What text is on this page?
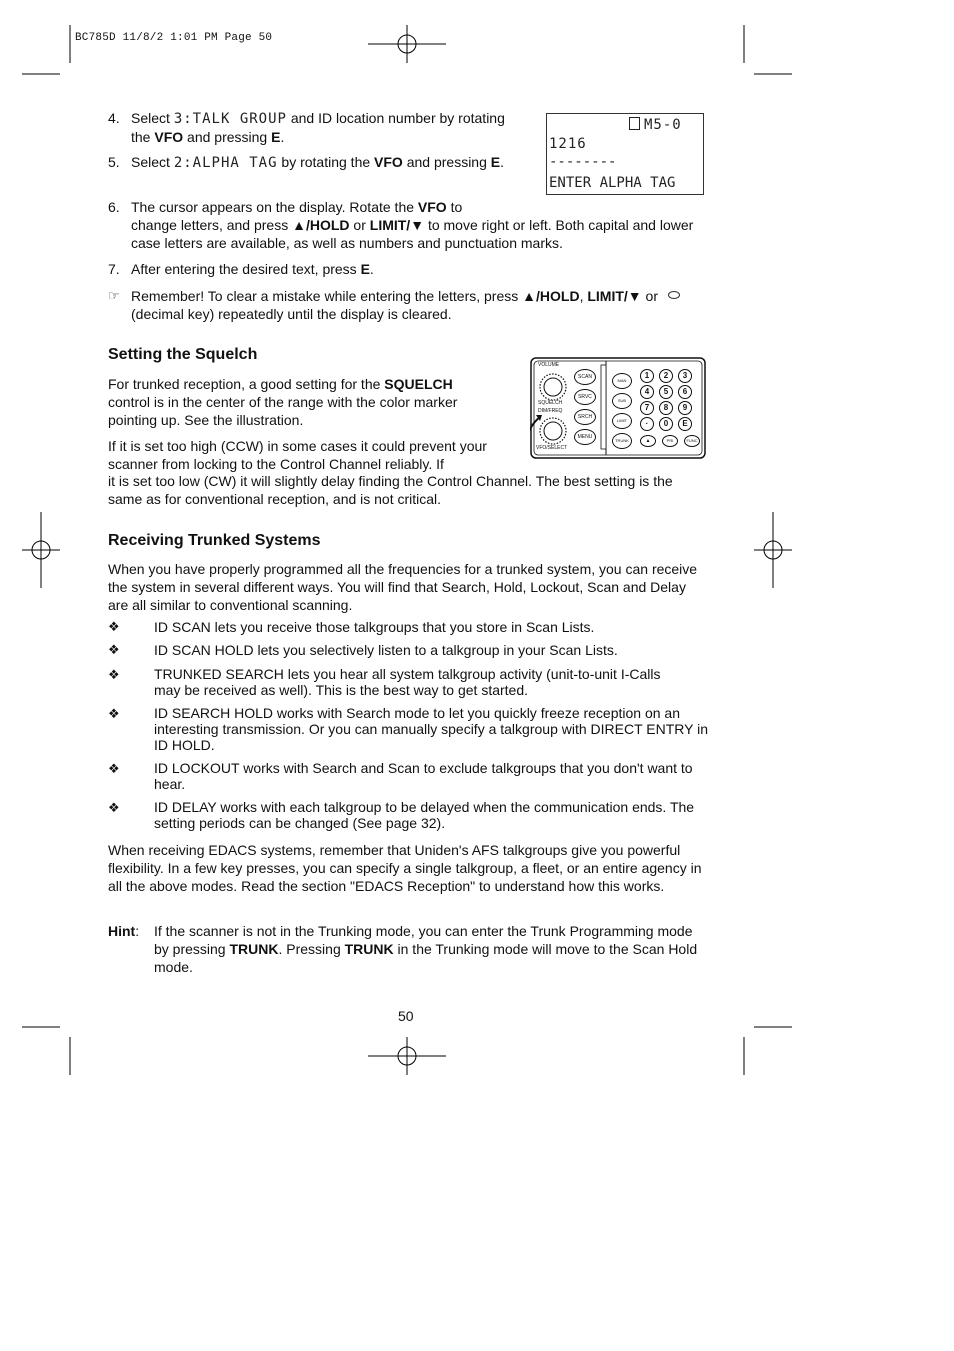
BC785D 11/8/2 1:01 PM Page 50
4. Select 3:TALK GROUP and ID location number by rotating the VFO and pressing E.
5. Select 2:ALPHA TAG by rotating the VFO and pressing E.
M5-0
1216
--------
ENTER ALPHA TAG
6. The cursor appears on the display. Rotate the VFO to
change letters, and press ▲/HOLD or LIMIT/▼ to move right or left. Both capital and lower case letters are available, as well as numbers and punctuation marks.
7. After entering the desired text, press E.
☞ Remember! To clear a mistake while entering the letters, press ▲/HOLD, LIMIT/▼ or
(decimal key) repeatedly until the display is cleared.
Setting the Squelch

For trunked reception, a good setting for the SQUELCH control is in the center of the range with the color marker pointing up. See the illustration.

If it is set too high (CCW) in some cases it could prevent your scanner from locking to the Control Channel reliably. If

it is set too low (CW) it will slightly delay finding the Control Channel. The best setting is the same as for conventional reception, and is not critical.

VOLUME
SQUELCH
DIM/FREQ
VFO/SELECT
SCAN
SRVC
SRCH
MENU
MAN
SUB
LIMIT
TRUNK
1	2	3
4	5	6
7	8	9
·	0	E
▲	PRI	FUNC
Receiving Trunked Systems

When you have properly programmed all the frequencies for a trunked system, you can receive the system in several different ways. You will find that Search, Hold, Lockout, Scan and Delay are all similar to conventional scanning.

❖ ID SCAN lets you receive those talkgroups that you store in Scan Lists.
❖ ID SCAN HOLD lets you selectively listen to a talkgroup in your Scan Lists.
❖ TRUNKED SEARCH lets you hear all system talkgroup activity (unit-to-unit I-Calls may be received as well). This is the best way to get started.
❖ ID SEARCH HOLD works with Search mode to let you quickly freeze reception on an interesting transmission. Or you can manually specify a talkgroup with DIRECT ENTRY in ID HOLD.
❖ ID LOCKOUT works with Search and Scan to exclude talkgroups that you don't want to hear.
❖ ID DELAY works with each talkgroup to be delayed when the communication ends. The setting periods can be changed (See page 32).

When receiving EDACS systems, remember that Uniden's AFS talkgroups give you powerful flexibility. In a few key presses, you can specify a single talkgroup, a fleet, or an entire agency in all the above modes. Read the section "EDACS Reception" to understand how this works.

Hint: If the scanner is not in the Trunking mode, you can enter the Trunk Programming mode by pressing TRUNK. Pressing TRUNK in the Trunking mode will move to the Scan Hold mode.
50
